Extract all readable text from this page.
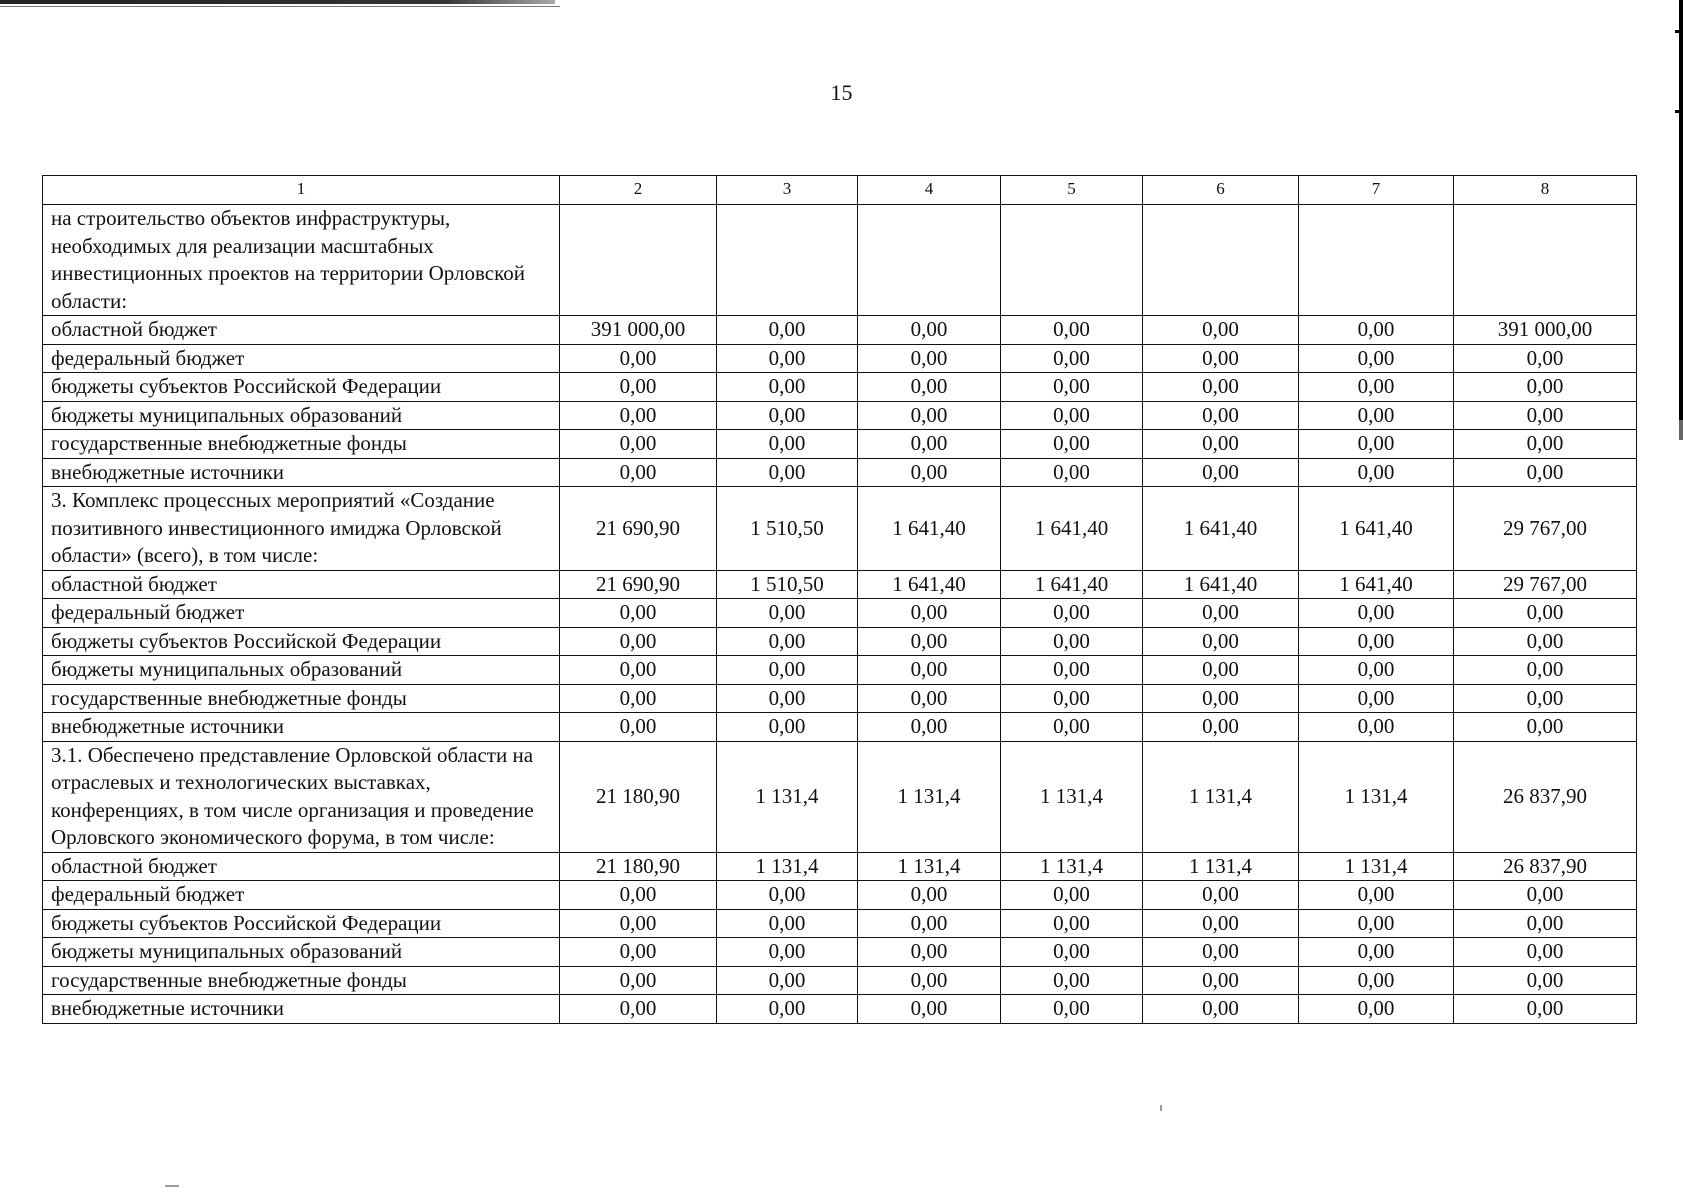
15
1	2	3	4	5	6	7	8
на строительство объектов инфраструктуры, необходимых для реализации масштабных инвестиционных проектов на территории Орловской области:							
областной бюджет	391 000,00	0,00	0,00	0,00	0,00	0,00	391 000,00
федеральный бюджет	0,00	0,00	0,00	0,00	0,00	0,00	0,00
бюджеты субъектов Российской Федерации	0,00	0,00	0,00	0,00	0,00	0,00	0,00
бюджеты муниципальных образований	0,00	0,00	0,00	0,00	0,00	0,00	0,00
государственные внебюджетные фонды	0,00	0,00	0,00	0,00	0,00	0,00	0,00
внебюджетные источники	0,00	0,00	0,00	0,00	0,00	0,00	0,00
3. Комплекс процессных мероприятий «Создание позитивного инвестиционного имиджа Орловской области» (всего), в том числе:	21 690,90	1 510,50	1 641,40	1 641,40	1 641,40	1 641,40	29 767,00
областной бюджет	21 690,90	1 510,50	1 641,40	1 641,40	1 641,40	1 641,40	29 767,00
федеральный бюджет	0,00	0,00	0,00	0,00	0,00	0,00	0,00
бюджеты субъектов Российской Федерации	0,00	0,00	0,00	0,00	0,00	0,00	0,00
бюджеты муниципальных образований	0,00	0,00	0,00	0,00	0,00	0,00	0,00
государственные внебюджетные фонды	0,00	0,00	0,00	0,00	0,00	0,00	0,00
внебюджетные источники	0,00	0,00	0,00	0,00	0,00	0,00	0,00
3.1. Обеспечено представление Орловской области на отраслевых и технологических выставках, конференциях, в том числе организация и проведение Орловского экономического форума, в том числе:	21 180,90	1 131,4	1 131,4	1 131,4	1 131,4	1 131,4	26 837,90
областной бюджет	21 180,90	1 131,4	1 131,4	1 131,4	1 131,4	1 131,4	26 837,90
федеральный бюджет	0,00	0,00	0,00	0,00	0,00	0,00	0,00
бюджеты субъектов Российской Федерации	0,00	0,00	0,00	0,00	0,00	0,00	0,00
бюджеты муниципальных образований	0,00	0,00	0,00	0,00	0,00	0,00	0,00
государственные внебюджетные фонды	0,00	0,00	0,00	0,00	0,00	0,00	0,00
внебюджетные источники	0,00	0,00	0,00	0,00	0,00	0,00	0,00
